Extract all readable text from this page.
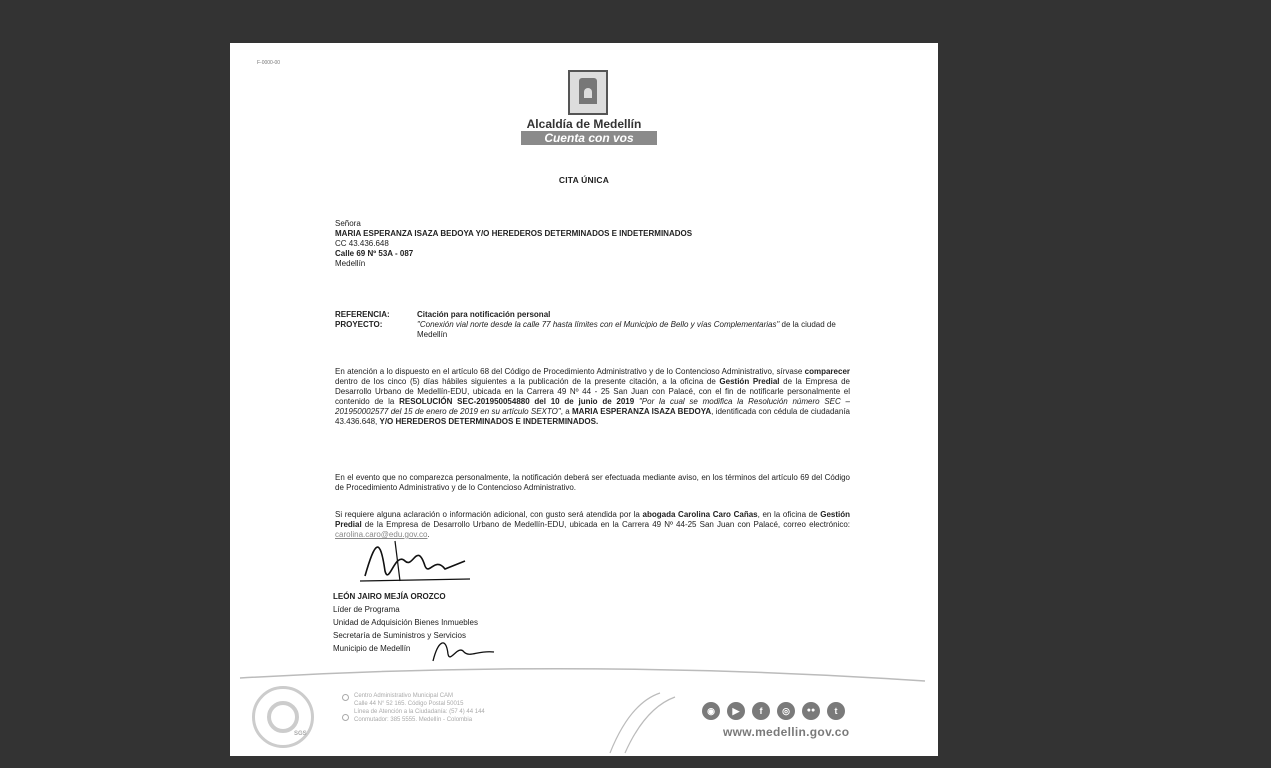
F-0000-00
Alcaldía de Medellín
Cuenta con vos
CITA ÚNICA
Señora
MARIA ESPERANZA ISAZA BEDOYA Y/O HEREDEROS DETERMINADOS E INDETERMINADOS
CC 43.436.648
Calle 69 Nº 53A - 087
Medellín
REFERENCIA:	Citación para notificación personal
PROYECTO:	"Conexión vial norte desde la calle 77 hasta límites con el Municipio de Bello y vías Complementarias" de la ciudad de Medellín
En atención a lo dispuesto en el artículo 68 del Código de Procedimiento Administrativo y de lo Contencioso Administrativo, sírvase comparecer dentro de los cinco (5) días hábiles siguientes a la publicación de la presente citación, a la oficina de Gestión Predial de la Empresa de Desarrollo Urbano de Medellín-EDU, ubicada en la Carrera 49 Nº 44 - 25 San Juan con Palacé, con el fin de notificarle personalmente el contenido de la RESOLUCIÓN SEC-201950054880 del 10 de junio de 2019 "Por la cual se modifica la Resolución número SEC – 201950002577 del 15 de enero de 2019 en su artículo SEXTO", a MARIA ESPERANZA ISAZA BEDOYA, identificada con cédula de ciudadanía 43.436.648, Y/O HEREDEROS DETERMINADOS E INDETERMINADOS.
En el evento que no comparezca personalmente, la notificación deberá ser efectuada mediante aviso, en los términos del artículo 69 del Código de Procedimiento Administrativo y de lo Contencioso Administrativo.
Si requiere alguna aclaración o información adicional, con gusto será atendida por la abogada Carolina Caro Cañas, en la oficina de Gestión Predial de la Empresa de Desarrollo Urbano de Medellín-EDU, ubicada en la Carrera 49 Nº 44-25 San Juan con Palacé, correo electrónico: carolina.caro@edu.gov.co.
LEÓN JAIRO MEJÍA OROZCO
Líder de Programa
Unidad de Adquisición Bienes Inmuebles
Secretaría de Suministros y Servicios
Municipio de Medellín
SGS
Centro Administrativo Municipal CAM
Calle 44 N° 52 165. Código Postal 50015
Línea de Atención a la Ciudadanía: (57 4) 44 144
Conmutador: 385 5555. Medellín - Colombia
◉	▶	f	◎	●●	t
www.medellin.gov.co
